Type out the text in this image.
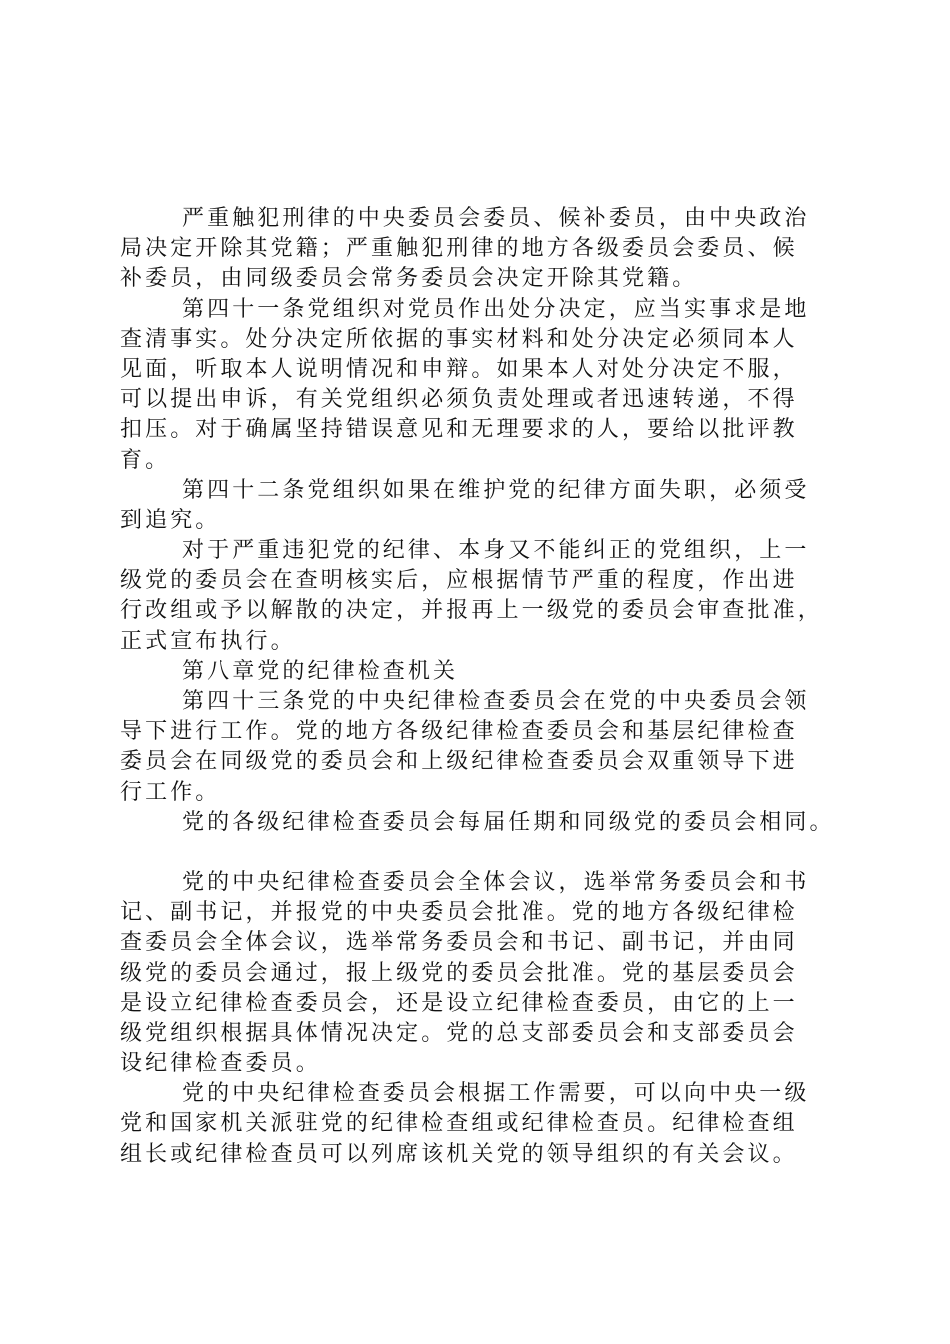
严重触犯刑律的中央委员会委员、候补委员，由中央政治
局决定开除其党籍；严重触犯刑律的地方各级委员会委员、候
补委员，由同级委员会常务委员会决定开除其党籍。
第四十一条党组织对党员作出处分决定，应当实事求是地
查清事实。处分决定所依据的事实材料和处分决定必须同本人
见面，听取本人说明情况和申辩。如果本人对处分决定不服，
可以提出申诉，有关党组织必须负责处理或者迅速转递，不得
扣压。对于确属坚持错误意见和无理要求的人，要给以批评教
育。
第四十二条党组织如果在维护党的纪律方面失职，必须受
到追究。
对于严重违犯党的纪律、本身又不能纠正的党组织，上一
级党的委员会在查明核实后，应根据情节严重的程度，作出进
行改组或予以解散的决定，并报再上一级党的委员会审查批准，
正式宣布执行。
第八章党的纪律检查机关
第四十三条党的中央纪律检查委员会在党的中央委员会领
导下进行工作。党的地方各级纪律检查委员会和基层纪律检查
委员会在同级党的委员会和上级纪律检查委员会双重领导下进
行工作。
党的各级纪律检查委员会每届任期和同级党的委员会相同。
党的中央纪律检查委员会全体会议，选举常务委员会和书
记、副书记，并报党的中央委员会批准。党的地方各级纪律检
查委员会全体会议，选举常务委员会和书记、副书记，并由同
级党的委员会通过，报上级党的委员会批准。党的基层委员会
是设立纪律检查委员会，还是设立纪律检查委员，由它的上一
级党组织根据具体情况决定。党的总支部委员会和支部委员会
设纪律检查委员。
党的中央纪律检查委员会根据工作需要，可以向中央一级
党和国家机关派驻党的纪律检查组或纪律检查员。纪律检查组
组长或纪律检查员可以列席该机关党的领导组织的有关会议。
